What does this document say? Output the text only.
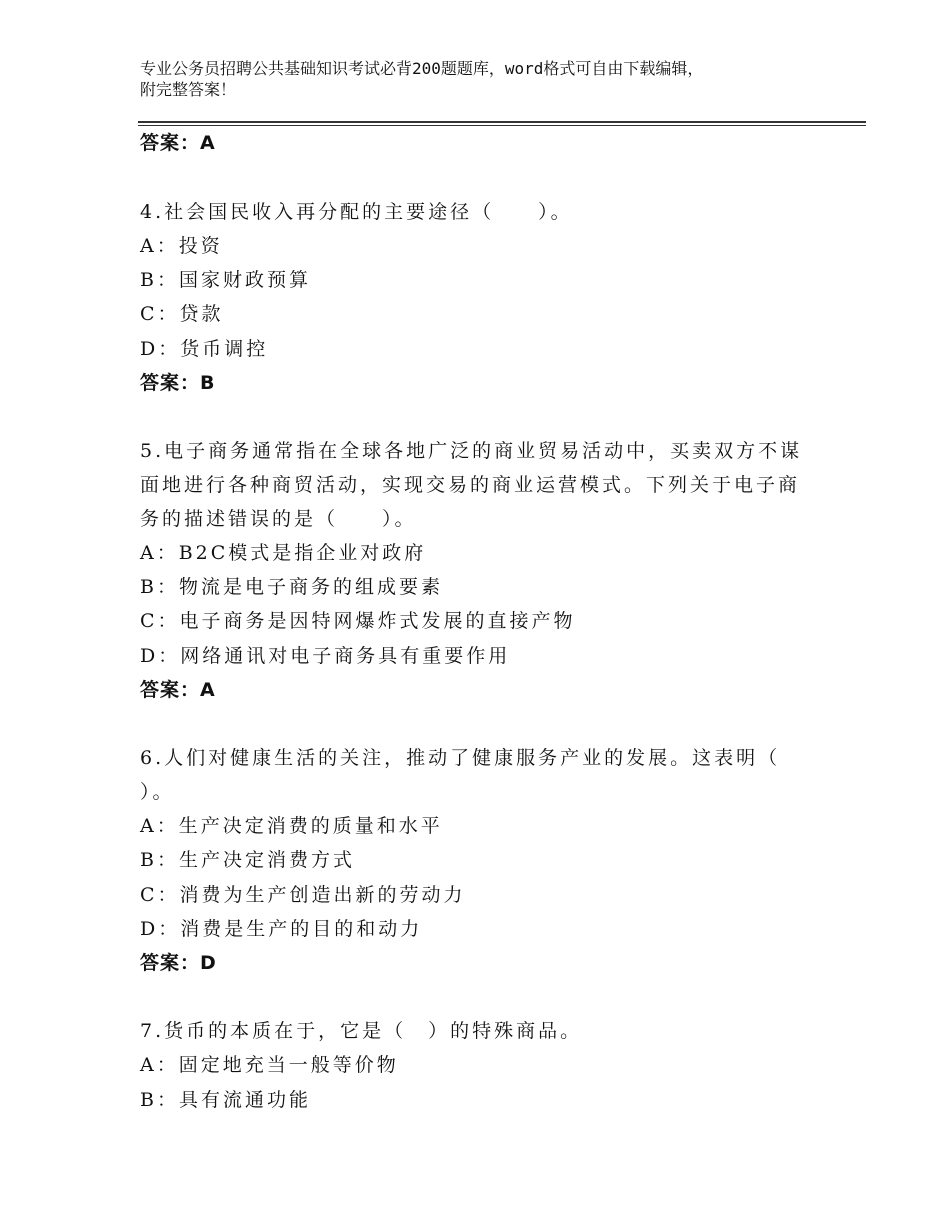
专业公务员招聘公共基础知识考试必背200题题库，word格式可自由下载编辑，
附完整答案！
答案：A
4.社会国民收入再分配的主要途径（　　）。
A：投资
B：国家财政预算
C：贷款
D：货币调控
答案：B
5.电子商务通常指在全球各地广泛的商业贸易活动中，买卖双方不谋
面地进行各种商贸活动，实现交易的商业运营模式。下列关于电子商
务的描述错误的是（　　）。
A：B2C模式是指企业对政府
B：物流是电子商务的组成要素
C：电子商务是因特网爆炸式发展的直接产物
D：网络通讯对电子商务具有重要作用
答案：A
6.人们对健康生活的关注，推动了健康服务产业的发展。这表明（
）。
A：生产决定消费的质量和水平
B：生产决定消费方式
C：消费为生产创造出新的劳动力
D：消费是生产的目的和动力
答案：D
7.货币的本质在于，它是（　）的特殊商品。
A：固定地充当一般等价物
B：具有流通功能
